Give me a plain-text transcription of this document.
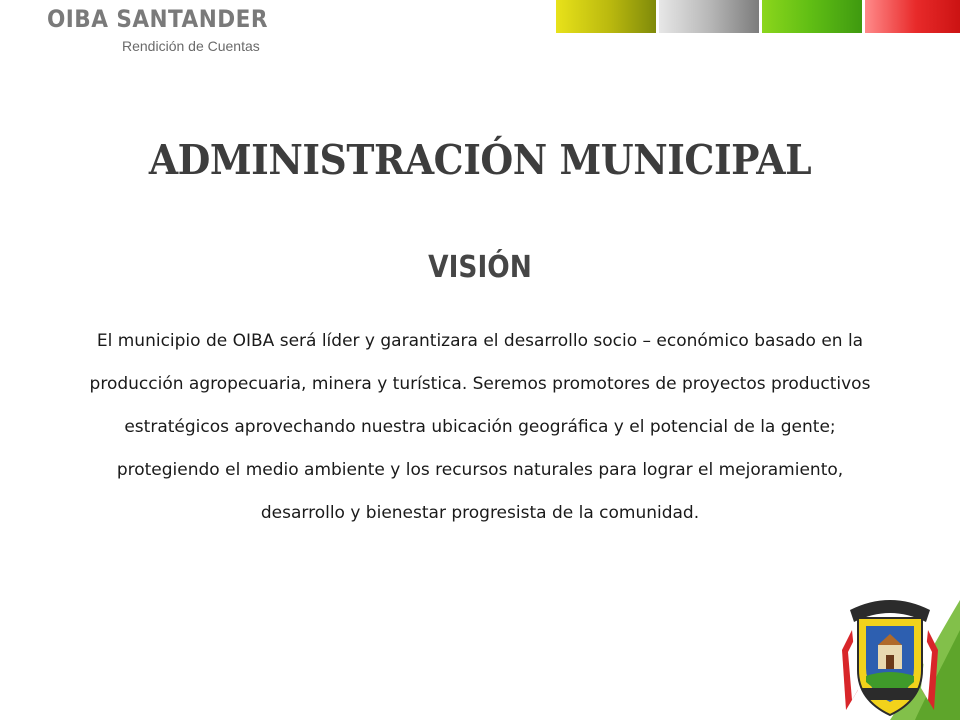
OIBA SANTANDER
Rendición de Cuentas
ADMINISTRACIÓN MUNICIPAL
VISIÓN
El municipio de OIBA será líder y garantizara el desarrollo socio – económico basado en la producción agropecuaria, minera y turística. Seremos promotores de proyectos productivos estratégicos aprovechando nuestra ubicación geográfica y el potencial de la gente; protegiendo el medio ambiente y los recursos naturales para lograr el mejoramiento, desarrollo y bienestar progresista de la comunidad.
